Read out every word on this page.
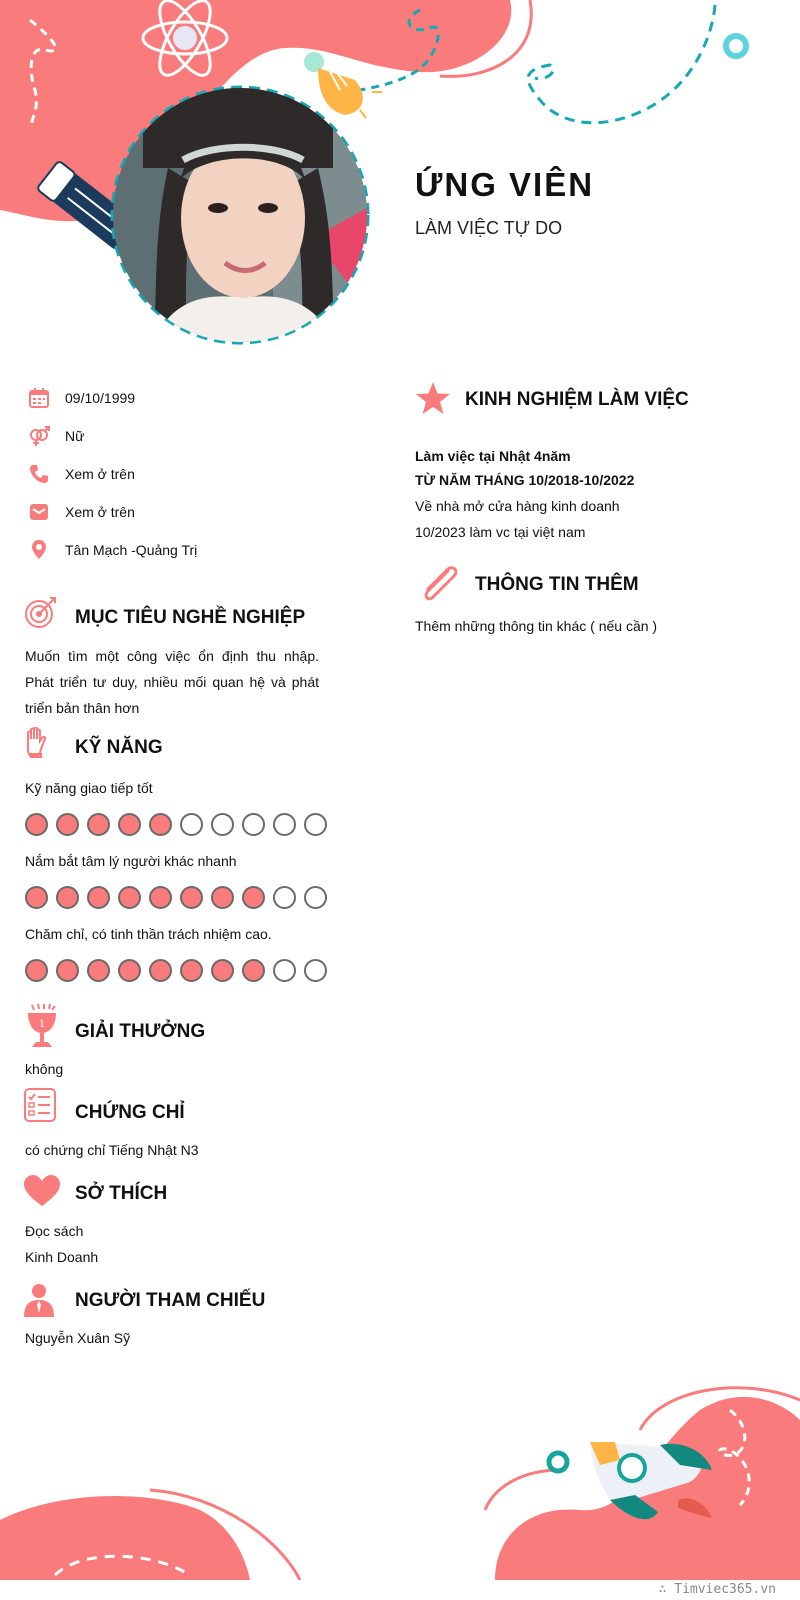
ỨNG VIÊN
LÀM VIỆC TỰ DO
09/10/1999
Nữ
Xem ở trên
Xem ở trên
Tân Mạch -Quảng Trị
MỤC TIÊU NGHỀ NGHIỆP
Muốn tìm một công việc ổn định thu nhập.
Phát triển tư duy, nhiều mối quan hệ và phát
triển bản thân hơn
KỸ NĂNG
Kỹ năng giao tiếp tốt
Nắm bắt tâm lý người khác nhanh
Chăm chỉ, có tinh thần trách nhiệm cao.
1 GIẢI THƯỞNG
không
CHỨNG CHỈ
có chứng chỉ Tiếng Nhật N3
SỞ THÍCH
Đọc sách
Kinh Doanh
NGƯỜI THAM CHIẾU
Nguyễn Xuân Sỹ
KINH NGHIỆM LÀM VIỆC
Làm việc tại Nhật 4năm
TỪ NĂM THÁNG 10/2018-10/2022
Về nhà mở cửa hàng kinh doanh
10/2023 làm vc tại việt nam
THÔNG TIN THÊM
Thêm những thông tin khác ( nếu cần )
∴ Timviec365.vn
